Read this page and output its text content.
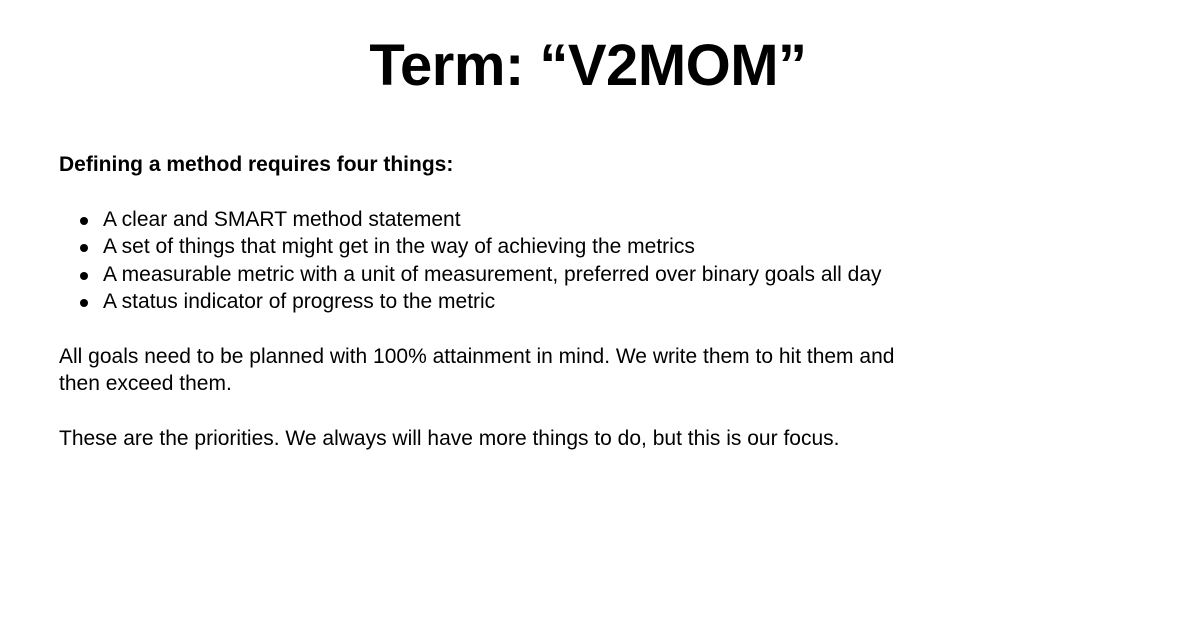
Term: “V2MOM”

Defining a method requires four things:

A clear and SMART method statement
A set of things that might get in the way of achieving the metrics
A measurable metric with a unit of measurement, preferred over binary goals all day
A status indicator of progress to the metric

All goals need to be planned with 100% attainment in mind. We write them to hit them and then exceed them.

These are the priorities. We always will have more things to do, but this is our focus.
